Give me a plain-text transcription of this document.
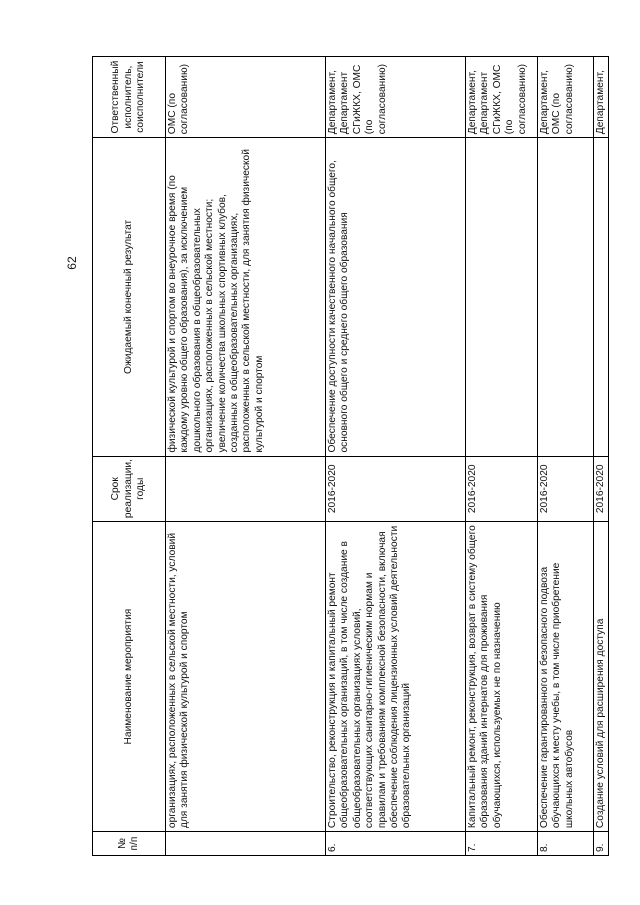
62
№ п/п	Наименование мероприятия	Срок реализации, годы	Ожидаемый конечный результат	Ответственный исполнитель, соисполнители
	организациях, расположенных в сельской местности, условий для занятия физической культурой и спортом		физической культурой и спортом во внеурочное время (по каждому уровню общего образования), за исключением дошкольного образования в общеобразовательных организациях, расположенных в сельской местности; увеличение количества школьных спортивных клубов, созданных в общеобразовательных организациях, расположенных в сельской местности, для занятия физической культурой и спортом	ОМС (по согласованию)
6.	Строительство, реконструкция и капитальный ремонт общеобразовательных организаций, в том числе создание в общеобразовательных организациях условий, соответствующих санитарно-гигиеническим нормам и правилам и требованиям комплексной безопасности, включая обеспечение соблюдения лицензионных условий деятельности образовательных организаций	2016-2020	Обеспечение доступности качественного начального общего, основного общего и среднего общего образования	Департамент, Департамент СГиЖКХ, ОМС (по согласованию)
7.	Капитальный ремонт, реконструкция, возврат в систему общего образования зданий интернатов для проживания обучающихся, используемых не по назначению	2016-2020		Департамент, Департамент СГиЖКХ, ОМС (по согласованию)
8.	Обеспечение гарантированного и безопасного подвоза обучающихся к месту учебы, в том числе приобретение школьных автобусов	2016-2020		Департамент, ОМС (по согласованию)
9.	Создание условий для расширения доступа	2016-2020		Департамент,
